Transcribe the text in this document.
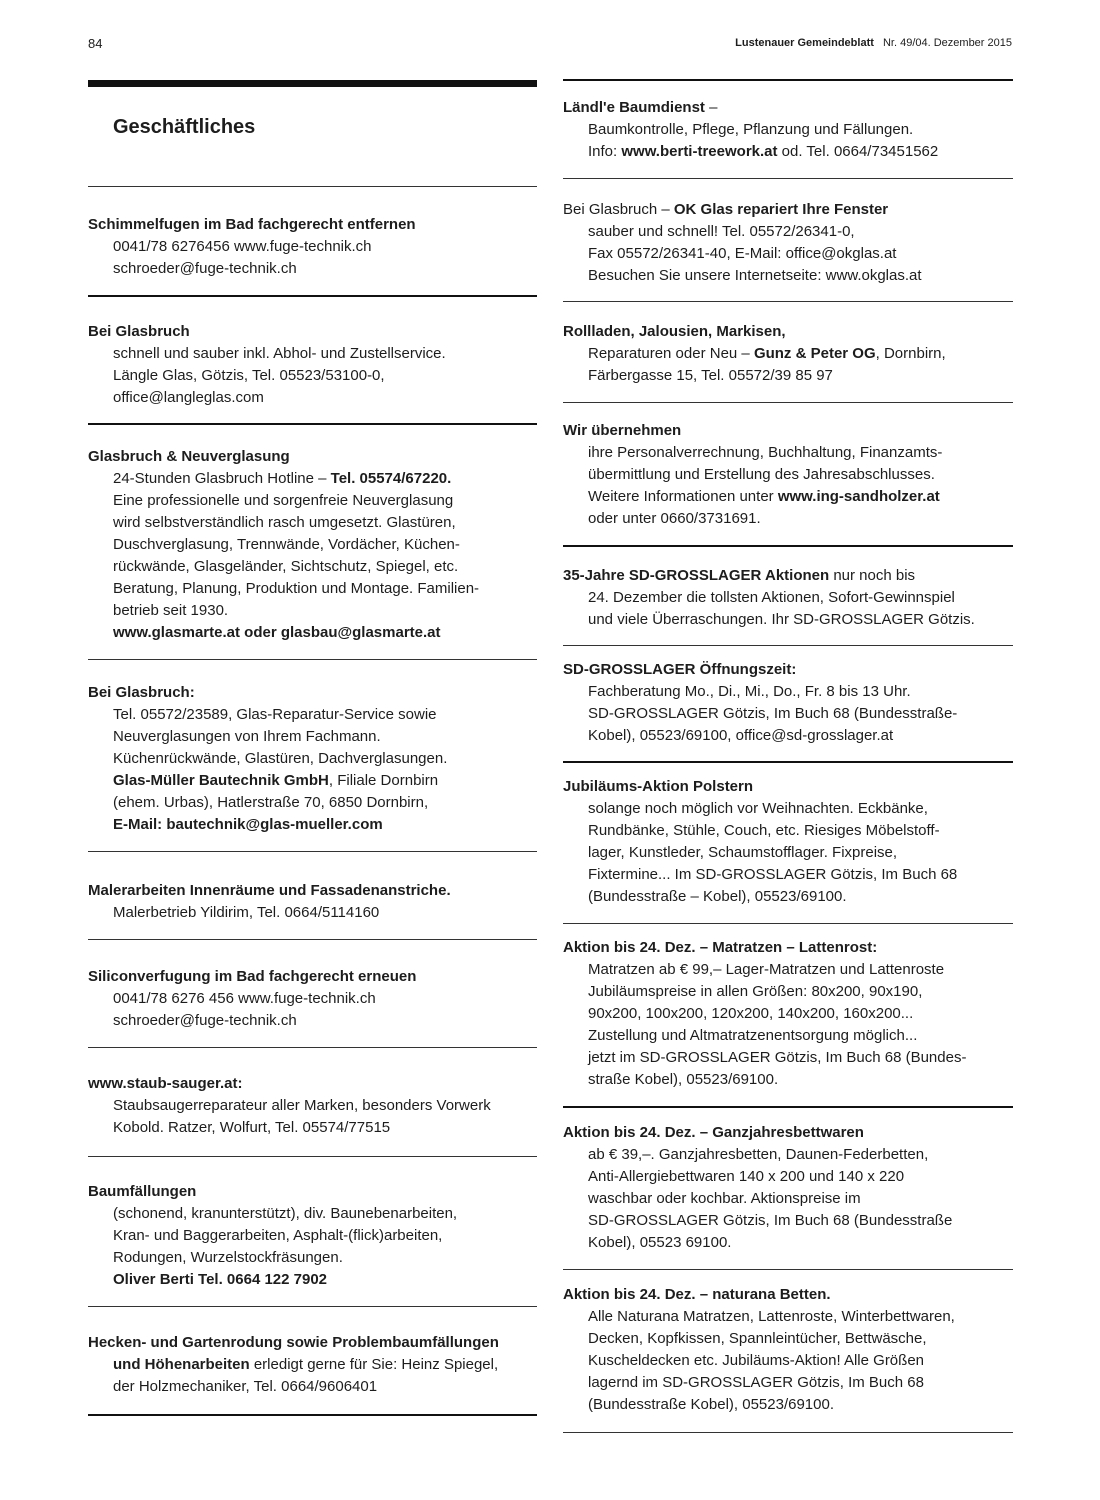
84	Lustenauer Gemeindeblatt Nr. 49/04. Dezember 2015
Geschäftliches
Schimmelfugen im Bad fachgerecht entfernen
0041/78 6276456 www.fuge-technik.ch
schroeder@fuge-technik.ch
Bei Glasbruch
schnell und sauber inkl. Abhol- und Zustellservice.
Längle Glas, Götzis, Tel. 05523/53100-0,
office@langleglas.com
Glasbruch & Neuverglasung
24-Stunden Glasbruch Hotline – Tel. 05574/67220.
Eine professionelle und sorgenfreie Neuverglasung
wird selbstverständlich rasch umgesetzt. Glastüren,
Duschverglasung, Trennwände, Vordächer, Küchen-
rückwände, Glasgeländer, Sichtschutz, Spiegel, etc.
Beratung, Planung, Produktion und Montage. Familien-
betrieb seit 1930.
www.glasmarte.at oder glasbau@glasmarte.at
Bei Glasbruch:
Tel. 05572/23589, Glas-Reparatur-Service sowie
Neuverglasungen von Ihrem Fachmann.
Küchenrückwände, Glastüren, Dachverglasungen.
Glas-Müller Bautechnik GmbH, Filiale Dornbirn
(ehem. Urbas), Hatlerstraße 70, 6850 Dornbirn,
E-Mail: bautechnik@glas-mueller.com
Malerarbeiten Innenräume und Fassadenanstriche.
Malerbetrieb Yildirim, Tel. 0664/5114160
Siliconverfugung im Bad fachgerecht erneuen
0041/78 6276 456 www.fuge-technik.ch
schroeder@fuge-technik.ch
www.staub-sauger.at:
Staubsaugerreparateur aller Marken, besonders Vorwerk
Kobold. Ratzer, Wolfurt, Tel. 05574/77515
Baumfällungen
(schonend, kranunterstützt), div. Baunebenarbeiten,
Kran- und Baggerarbeiten, Asphalt-(flick)arbeiten,
Rodungen, Wurzelstockfräsungen.
Oliver Berti Tel. 0664 122 7902
Hecken- und Gartenrodung sowie Problembaumfällungen
und Höhenarbeiten erledigt gerne für Sie: Heinz Spiegel,
der Holzmechaniker, Tel. 0664/9606401
Ländl'e Baumdienst –
Baumkontrolle, Pflege, Pflanzung und Fällungen.
Info: www.berti-treework.at od. Tel. 0664/73451562
Bei Glasbruch – OK Glas repariert Ihre Fenster
sauber und schnell! Tel. 05572/26341-0,
Fax 05572/26341-40, E-Mail: office@okglas.at
Besuchen Sie unsere Internetseite: www.okglas.at
Rollladen, Jalousien, Markisen,
Reparaturen oder Neu – Gunz & Peter OG, Dornbirn,
Färbergasse 15, Tel. 05572/39 85 97
Wir übernehmen
ihre Personalverrechnung, Buchhaltung, Finanzamts-
übermittlung und Erstellung des Jahresabschlusses.
Weitere Informationen unter www.ing-sandholzer.at
oder unter 0660/3731691.
35-Jahre SD-GROSSLAGER Aktionen nur noch bis
24. Dezember die tollsten Aktionen, Sofort-Gewinnspiel
und viele Überraschungen. Ihr SD-GROSSLAGER Götzis.
SD-GROSSLAGER Öffnungszeit:
Fachberatung Mo., Di., Mi., Do., Fr. 8 bis 13 Uhr.
SD-GROSSLAGER Götzis, Im Buch 68 (Bundesstraße-
Kobel), 05523/69100, office@sd-grosslager.at
Jubiläums-Aktion Polstern
solange noch möglich vor Weihnachten. Eckbänke,
Rundbänke, Stühle, Couch, etc. Riesiges Möbelstoff-
lager, Kunstleder, Schaumstofflager. Fixpreise,
Fixtermine... Im SD-GROSSLAGER Götzis, Im Buch 68
(Bundesstraße – Kobel), 05523/69100.
Aktion bis 24. Dez. – Matratzen – Lattenrost:
Matratzen ab € 99,– Lager-Matratzen und Lattenroste
Jubiläumspreise in allen Größen: 80x200, 90x190,
90x200, 100x200, 120x200, 140x200, 160x200...
Zustellung und Altmatratzenentsorgung möglich...
jetzt im SD-GROSSLAGER Götzis, Im Buch 68 (Bundes-
straße Kobel), 05523/69100.
Aktion bis 24. Dez. – Ganzjahresbettwaren
ab € 39,–. Ganzjahresbetten, Daunen-Federbetten,
Anti-Allergiebettwaren 140 x 200 und 140 x 220
waschbar oder kochbar. Aktionspreise im
SD-GROSSLAGER Götzis, Im Buch 68 (Bundesstraße
Kobel), 05523 69100.
Aktion bis 24. Dez. – naturana Betten.
Alle Naturana Matratzen, Lattenroste, Winterbettwaren,
Decken, Kopfkissen, Spannleintücher, Bettwäsche,
Kuscheldecken etc. Jubiläums-Aktion! Alle Größen
lagernd im SD-GROSSLAGER Götzis, Im Buch 68
(Bundesstraße Kobel), 05523/69100.
